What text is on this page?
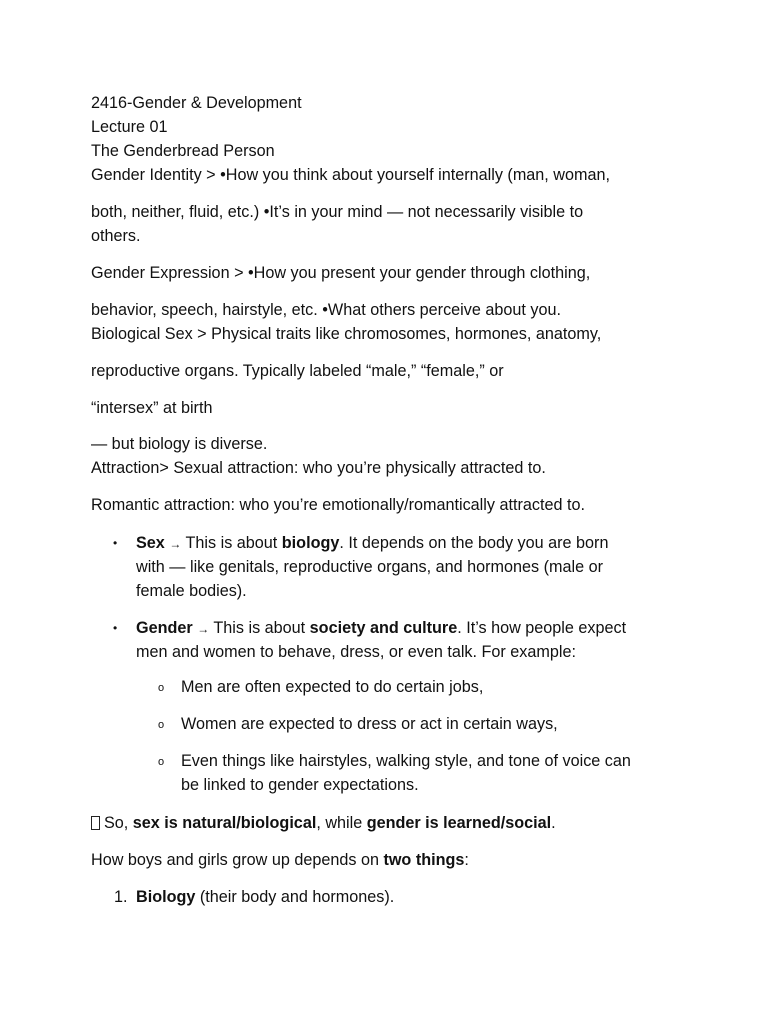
2416-Gender & Development
Lecture 01
The Genderbread Person
Gender Identity > •How you think about yourself internally (man, woman,
both, neither, fluid, etc.) •It’s in your mind — not necessarily visible to
others.
Gender Expression > •How you present your gender through clothing,
behavior, speech, hairstyle, etc. •What others perceive about you.
Biological Sex > Physical traits like chromosomes, hormones, anatomy,
reproductive organs. Typically labeled “male,” “female,” or
“intersex” at birth
— but biology is diverse.
Attraction> Sexual attraction: who you’re physically attracted to.
Romantic attraction: who you’re emotionally/romantically attracted to.
• Sex → This is about biology. It depends on the body you are born
with — like genitals, reproductive organs, and hormones (male or
female bodies).
• Gender → This is about society and culture. It’s how people expect
men and women to behave, dress, or even talk. For example:
o Men are often expected to do certain jobs,
o Women are expected to dress or act in certain ways,
o Even things like hairstyles, walking style, and tone of voice can
be linked to gender expectations.
So, sex is natural/biological, while gender is learned/social.
How boys and girls grow up depends on two things:
1. Biology (their body and hormones).
